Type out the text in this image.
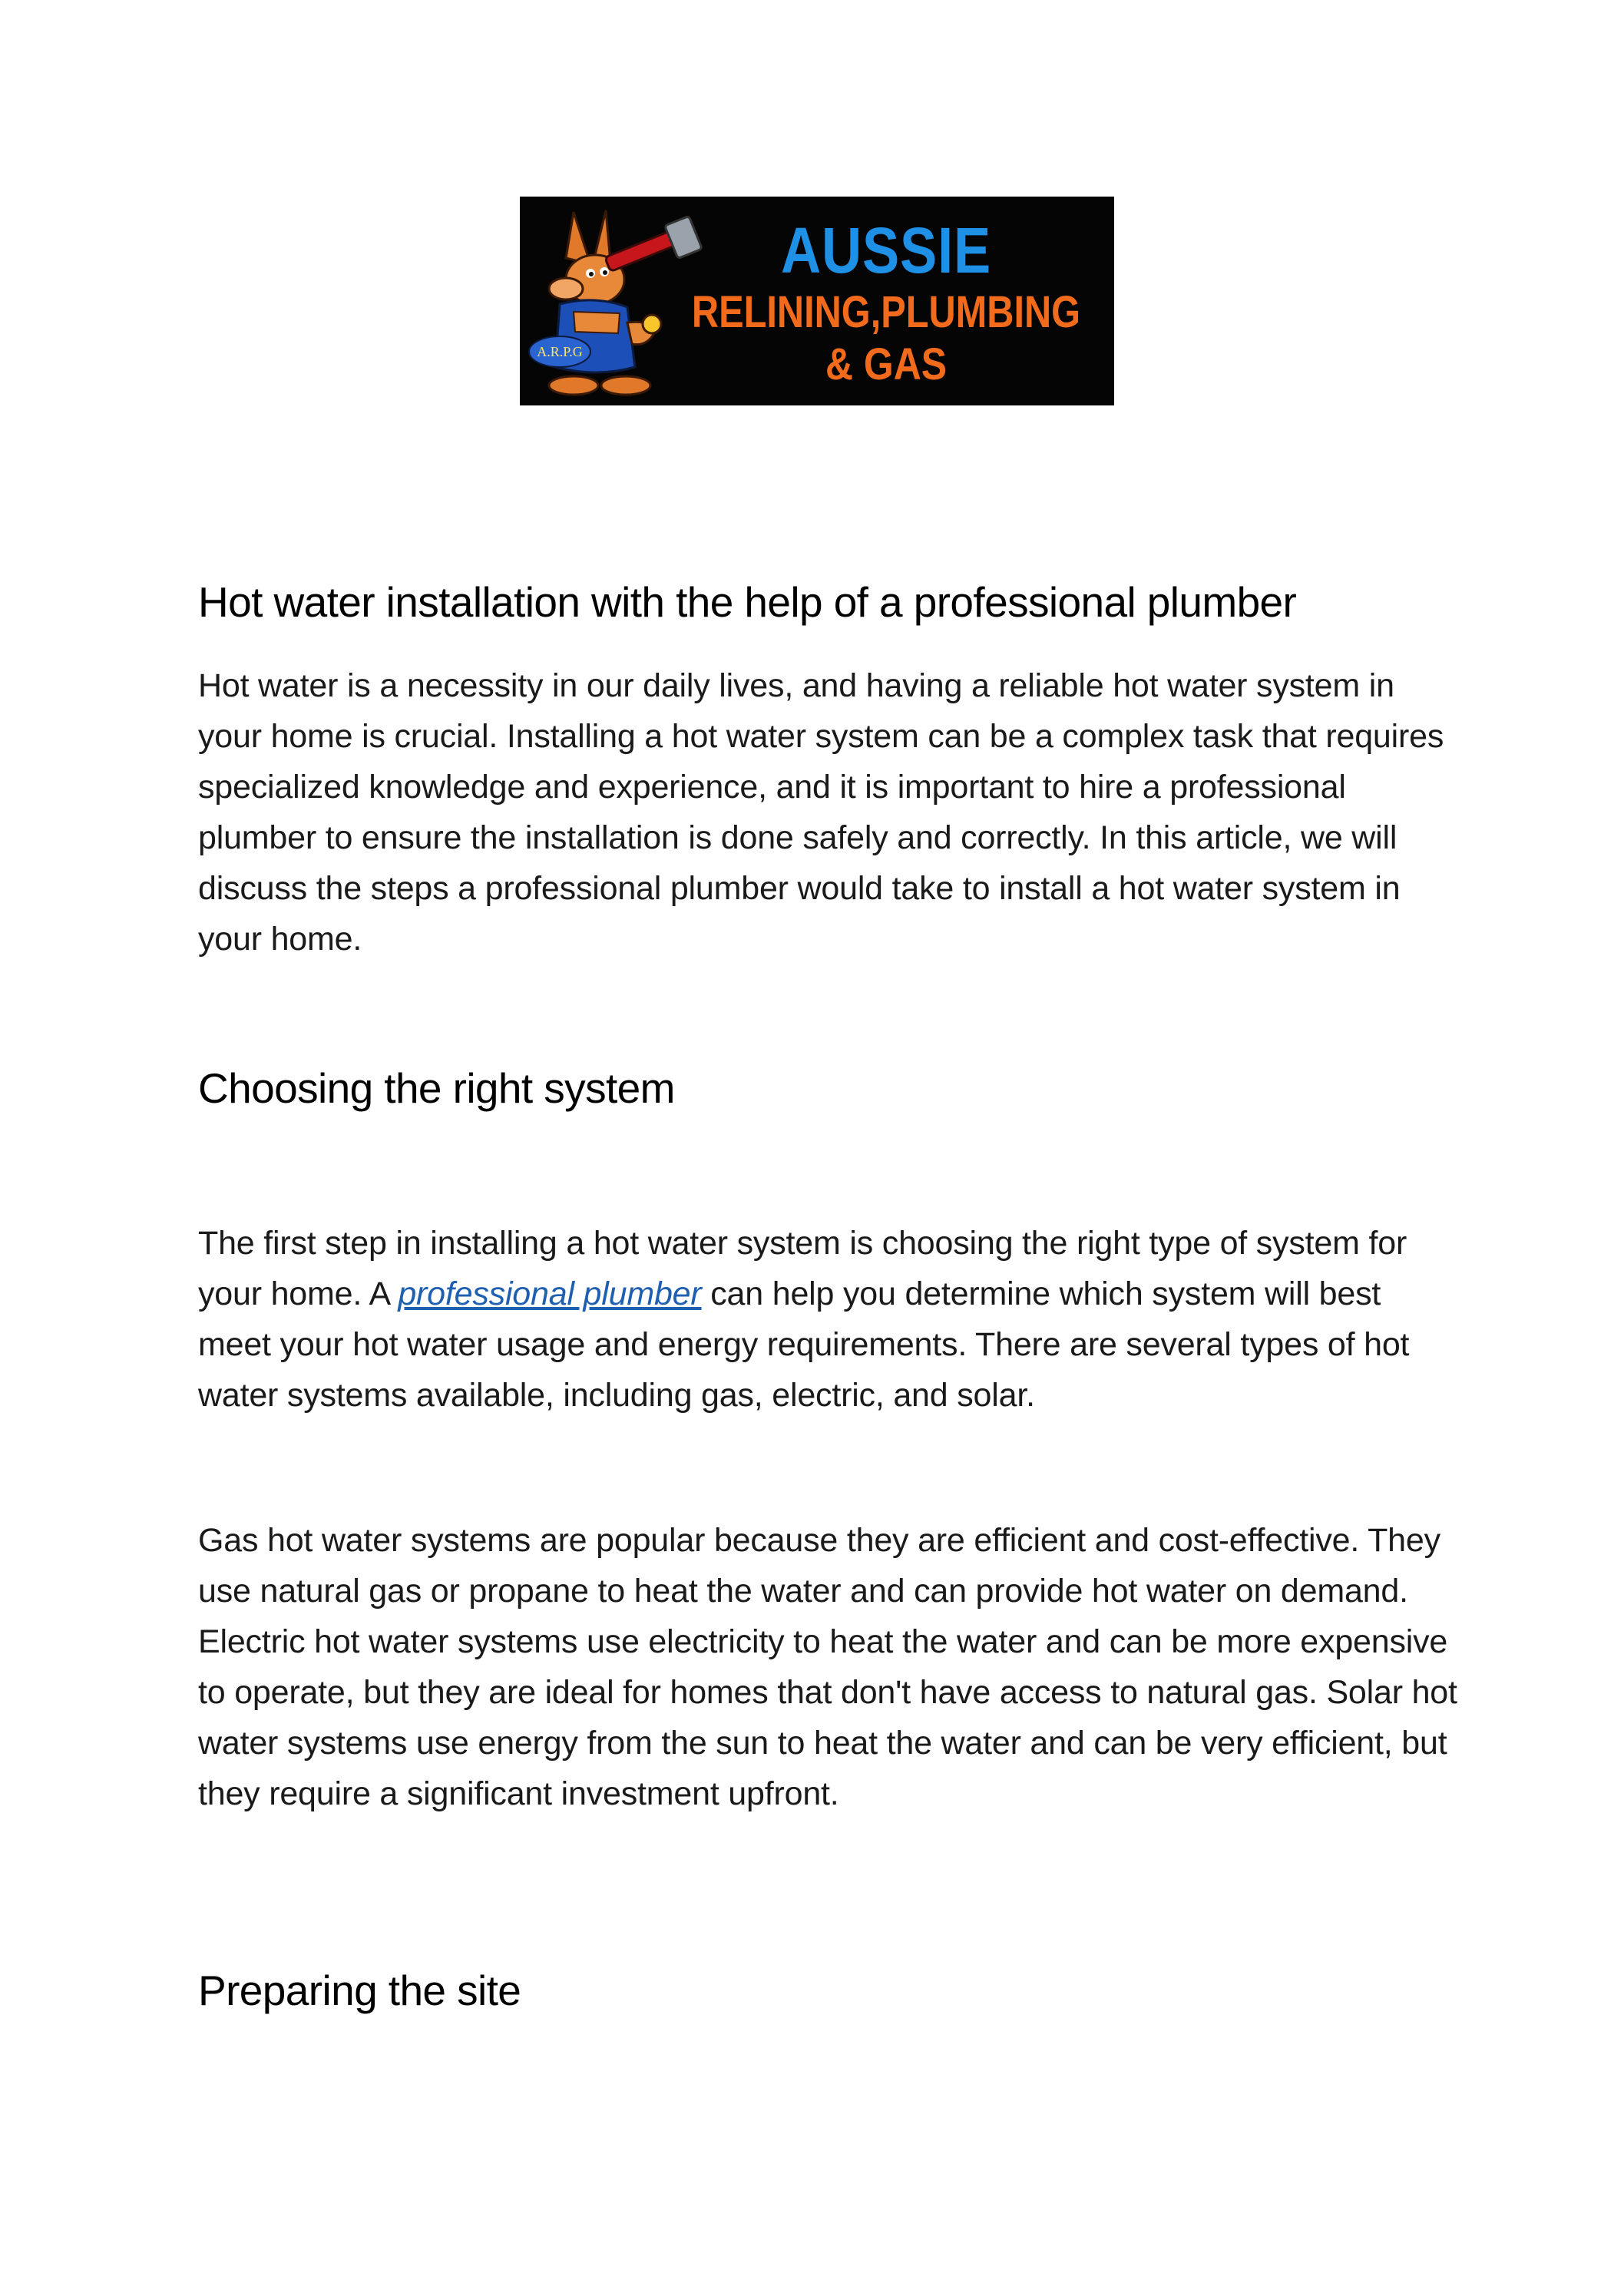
A.R.P.G
AUSSIE
RELINING,PLUMBING
& GAS
Hot water installation with the help of a professional plumber

Hot water is a necessity in our daily lives, and having a reliable hot water system in your home is crucial. Installing a hot water system can be a complex task that requires specialized knowledge and experience, and it is important to hire a professional plumber to ensure the installation is done safely and correctly. In this article, we will discuss the steps a professional plumber would take to install a hot water system in your home.

Choosing the right system

The first step in installing a hot water system is choosing the right type of system for your home. A professional plumber can help you determine which system will best meet your hot water usage and energy requirements. There are several types of hot water systems available, including gas, electric, and solar.

Gas hot water systems are popular because they are efficient and cost-effective. They use natural gas or propane to heat the water and can provide hot water on demand. Electric hot water systems use electricity to heat the water and can be more expensive to operate, but they are ideal for homes that don't have access to natural gas. Solar hot water systems use energy from the sun to heat the water and can be very efficient, but they require a significant investment upfront.

Preparing the site
